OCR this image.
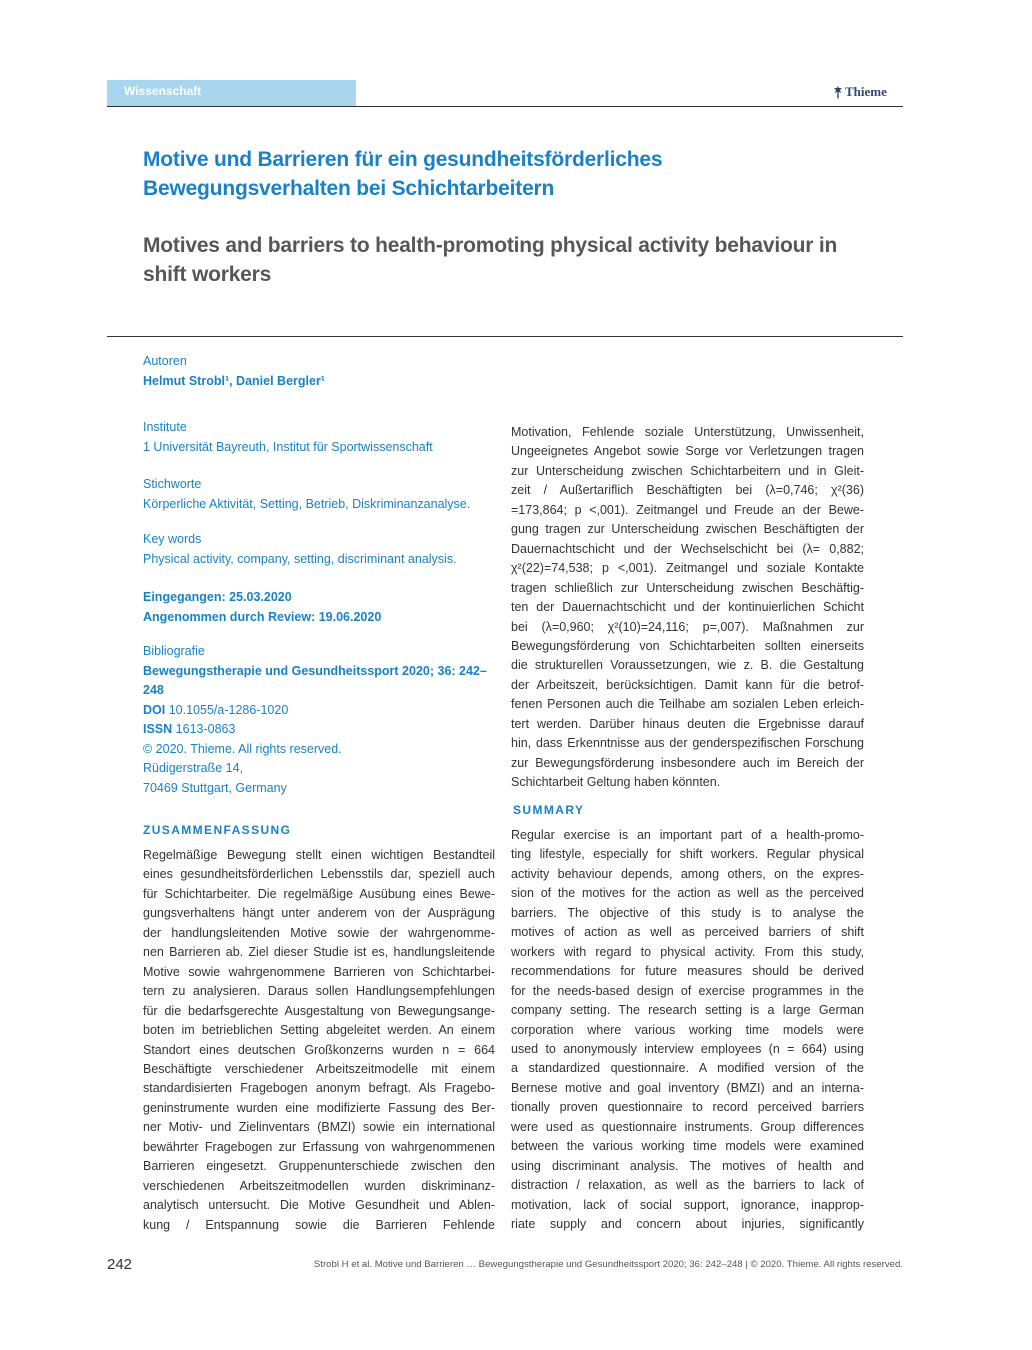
Wissenschaft	Thieme
Motive und Barrieren für ein gesundheitsförderliches Bewegungsverhalten bei Schichtarbeitern
Motives and barriers to health-promoting physical activity behaviour in shift workers
Autoren
Helmut Strobl¹, Daniel Bergler¹
Institute
1 Universität Bayreuth, Institut für Sportwissenschaft
Stichworte
Körperliche Aktivität, Setting, Betrieb, Diskriminanzanalyse.
Key words
Physical activity, company, setting, discriminant analysis.
Eingegangen: 25.03.2020
Angenommen durch Review: 19.06.2020
Bibliografie
Bewegungstherapie und Gesundheitssport 2020; 36: 242–
248
DOI 10.1055/a-1286-1020
ISSN 1613-0863
© 2020. Thieme. All rights reserved.
Rüdigerstraße 14,
70469 Stuttgart, Germany
ZUSAMMENFASSUNG
Regelmäßige Bewegung stellt einen wichtigen Bestandteil
eines gesundheitsförderlichen Lebensstils dar, speziell auch
für Schichtarbeiter. Die regelmäßige Ausübung eines Bewe-
gungsverhaltens hängt unter anderem von der Ausprägung
der handlungsleitenden Motive sowie der wahrgenomme-
nen Barrieren ab. Ziel dieser Studie ist es, handlungsleitende
Motive sowie wahrgenommene Barrieren von Schichtarbei-
tern zu analysieren. Daraus sollen Handlungsempfehlungen
für die bedarfsgerechte Ausgestaltung von Bewegungsange-
boten im betrieblichen Setting abgeleitet werden. An einem
Standort eines deutschen Großkonzerns wurden n = 664
Beschäftigte verschiedener Arbeitszeitmodelle mit einem
standardisierten Fragebogen anonym befragt. Als Fragebo-
geninstrumente wurden eine modifizierte Fassung des Ber-
ner Motiv- und Zielinventars (BMZI) sowie ein international
bewährter Fragebogen zur Erfassung von wahrgenommenen
Barrieren eingesetzt. Gruppenunterschiede zwischen den
verschiedenen Arbeitszeitmodellen wurden diskriminanz-
analytisch untersucht. Die Motive Gesundheit und Ablen-
kung / Entspannung sowie die Barrieren Fehlende
Motivation, Fehlende soziale Unterstützung, Unwissenheit,
Ungeeignetes Angebot sowie Sorge vor Verletzungen tragen
zur Unterscheidung zwischen Schichtarbeitern und in Gleit-
zeit / Außertariflich Beschäftigten bei (λ=0,746; χ²(36)
=173,864; p <,001). Zeitmangel und Freude an der Bewe-
gung tragen zur Unterscheidung zwischen Beschäftigten der
Dauernachtschicht und der Wechselschicht bei (λ= 0,882;
χ²(22)=74,538; p <,001). Zeitmangel und soziale Kontakte
tragen schließlich zur Unterscheidung zwischen Beschäftig-
ten der Dauernachtschicht und der kontinuierlichen Schicht
bei (λ=0,960; χ²(10)=24,116; p=,007). Maßnahmen zur
Bewegungsförderung von Schichtarbeiten sollten einerseits
die strukturellen Voraussetzungen, wie z. B. die Gestaltung
der Arbeitszeit, berücksichtigen. Damit kann für die betrof-
fenen Personen auch die Teilhabe am sozialen Leben erleich-
tert werden. Darüber hinaus deuten die Ergebnisse darauf
hin, dass Erkenntnisse aus der genderspezifischen Forschung
zur Bewegungsförderung insbesondere auch im Bereich der
Schichtarbeit Geltung haben könnten.
SUMMARY
Regular exercise is an important part of a health-promo-
ting lifestyle, especially for shift workers. Regular physical
activity behaviour depends, among others, on the expres-
sion of the motives for the action as well as the perceived
barriers. The objective of this study is to analyse the
motives of action as well as perceived barriers of shift
workers with regard to physical activity. From this study,
recommendations for future measures should be derived
for the needs-based design of exercise programmes in the
company setting. The research setting is a large German
corporation where various working time models were
used to anonymously interview employees (n = 664) using
a standardized questionnaire. A modified version of the
Bernese motive and goal inventory (BMZI) and an interna-
tionally proven questionnaire to record perceived barriers
were used as questionnaire instruments. Group differences
between the various working time models were examined
using discriminant analysis. The motives of health and
distraction / relaxation, as well as the barriers to lack of
motivation, lack of social support, ignorance, inapprop-
riate supply and concern about injuries, significantly
242	Strobl H et al. Motive und Barrieren … Bewegungstherapie und Gesundheitssport 2020; 36: 242–248 | © 2020. Thieme. All rights reserved.
